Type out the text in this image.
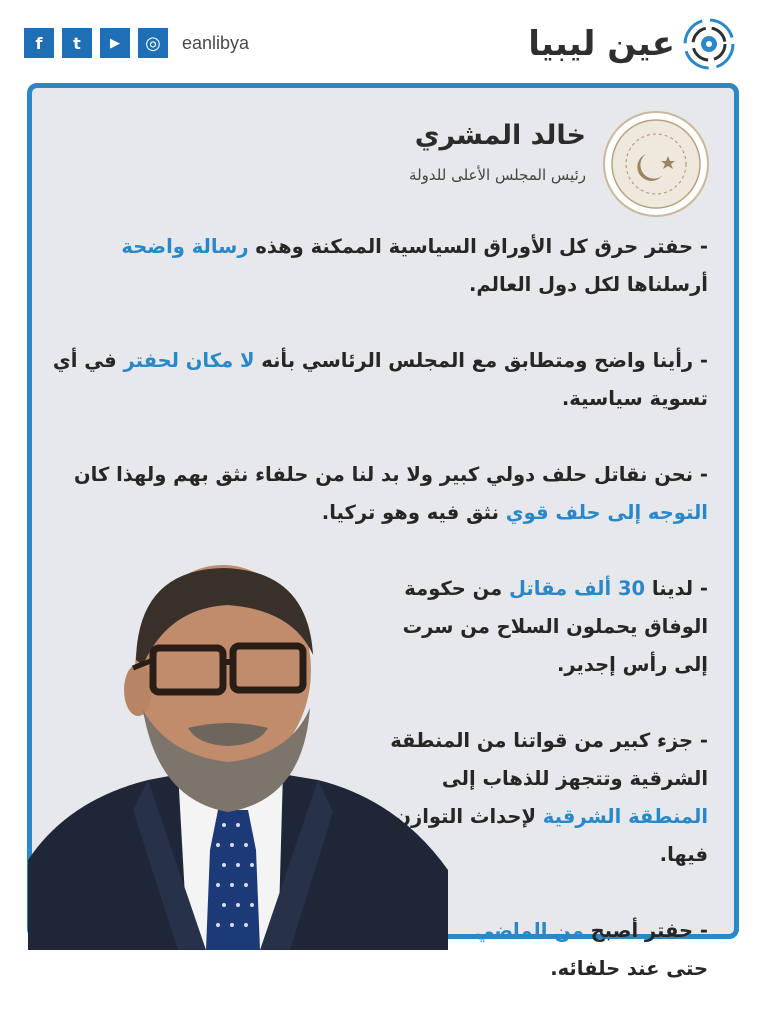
f	t	▶	◎	eanlibya	عين ليبيا
خالد المشري
رئيس المجلس الأعلى للدولة

- حفتر حرق كل الأوراق السياسية الممكنة وهذه رسالة واضحة أرسلناها لكل دول العالم.

- رأينا واضح ومتطابق مع المجلس الرئاسي بأنه لا مكان لحفتر في أي تسوية سياسية.

- نحن نقاتل حلف دولي كبير ولا بد لنا من حلفاء نثق بهم ولهذا كان التوجه إلى حلف قوي نثق فيه وهو تركيا.

- لدينا 30 ألف مقاتل من حكومة الوفاق يحملون السلاح من سرت إلى رأس إجدير.

- جزء كبير من قواتنا من المنطقة الشرقية وتتجهز للذهاب إلى المنطقة الشرقية لإحداث التوازن فيها.

- حفتر أصبح من الماضي حتى عند حلفائه.
